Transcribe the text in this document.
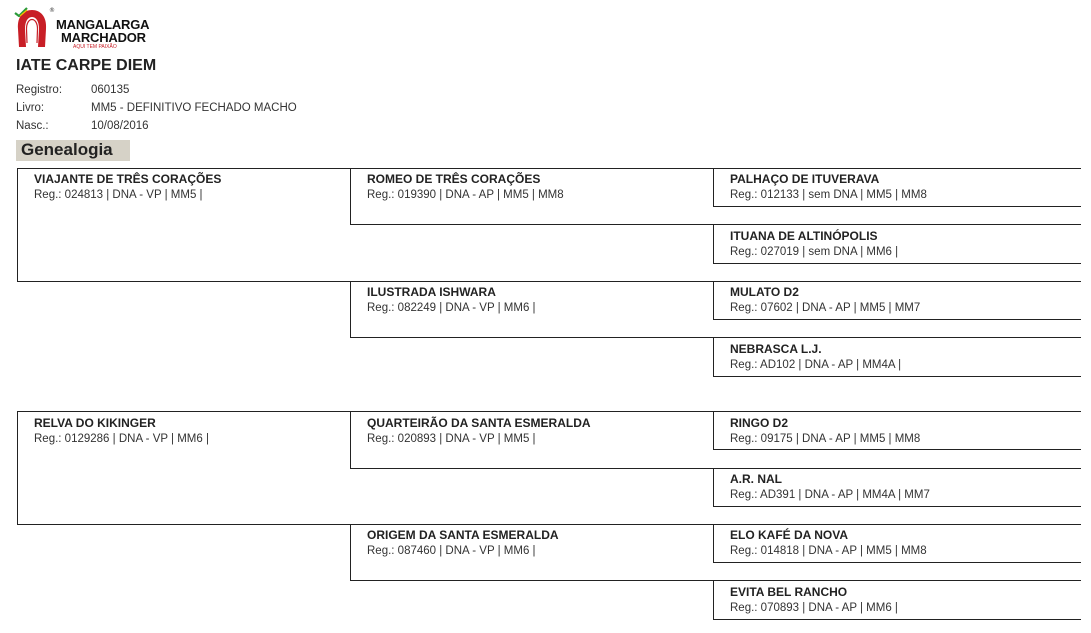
®
MANGALARGA
MARCHADOR
AQUI TEM PAIXÃO
IATE CARPE DIEM
Registro:	060135
Livro:	MM5 - DEFINITIVO FECHADO MACHO
Nasc.:	10/08/2016
Genealogia
VIAJANTE DE TRÊS CORAÇÕES
Reg.: 024813 | DNA - VP | MM5 |
RELVA DO KIKINGER
Reg.: 0129286 | DNA - VP | MM6 |
ROMEO DE TRÊS CORAÇÕES
Reg.: 019390 | DNA - AP | MM5 | MM8
ILUSTRADA ISHWARA
Reg.: 082249 | DNA - VP | MM6 |
QUARTEIRÃO DA SANTA ESMERALDA
Reg.: 020893 | DNA - VP | MM5 |
ORIGEM DA SANTA ESMERALDA
Reg.: 087460 | DNA - VP | MM6 |
PALHAÇO DE ITUVERAVA
Reg.: 012133 | sem DNA | MM5 | MM8
ITUANA DE ALTINÓPOLIS
Reg.: 027019 | sem DNA | MM6 |
MULATO D2
Reg.: 07602 | DNA - AP | MM5 | MM7
NEBRASCA L.J.
Reg.: AD102 | DNA - AP | MM4A |
RINGO D2
Reg.: 09175 | DNA - AP | MM5 | MM8
A.R. NAL
Reg.: AD391 | DNA - AP | MM4A | MM7
ELO KAFÉ DA NOVA
Reg.: 014818 | DNA - AP | MM5 | MM8
EVITA BEL RANCHO
Reg.: 070893 | DNA - AP | MM6 |
